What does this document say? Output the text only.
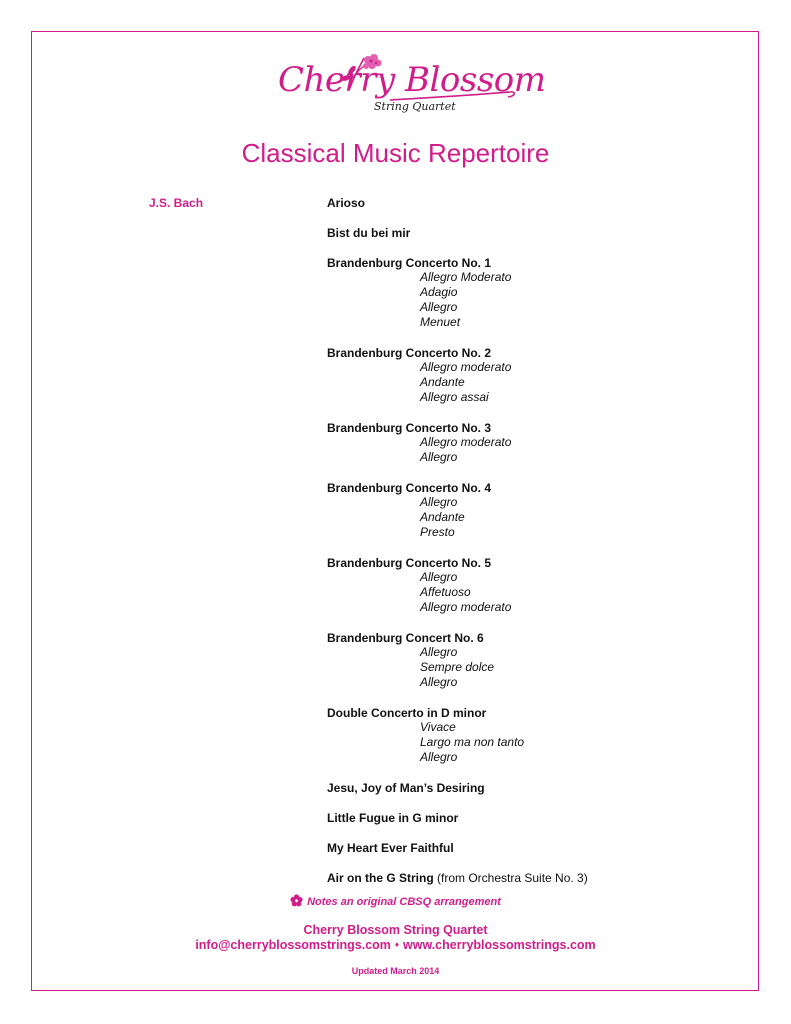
Cherry Blossom
String Quartet
Classical Music Repertoire
J.S. Bach	Arioso
Bist du bei mir
Brandenburg Concerto No. 1
Allegro Moderato
Adagio
Allegro
Menuet
Brandenburg Concerto No. 2
Allegro moderato
Andante
Allegro assai
Brandenburg Concerto No. 3
Allegro moderato
Allegro
Brandenburg Concerto No. 4
Allegro
Andante
Presto
Brandenburg Concerto No. 5
Allegro
Affetuoso
Allegro moderato
Brandenburg Concert No. 6
Allegro
Sempre dolce
Allegro
Double Concerto in D minor
Vivace
Largo ma non tanto
Allegro
Jesu, Joy of Man’s Desiring
Little Fugue in G minor
My Heart Ever Faithful
Air on the G String (from Orchestra Suite No. 3)
Notes an original CBSQ arrangement
Cherry Blossom String Quartet
info@cherryblossomstrings.com ♦ www.cherryblossomstrings.com
Updated March 2014
